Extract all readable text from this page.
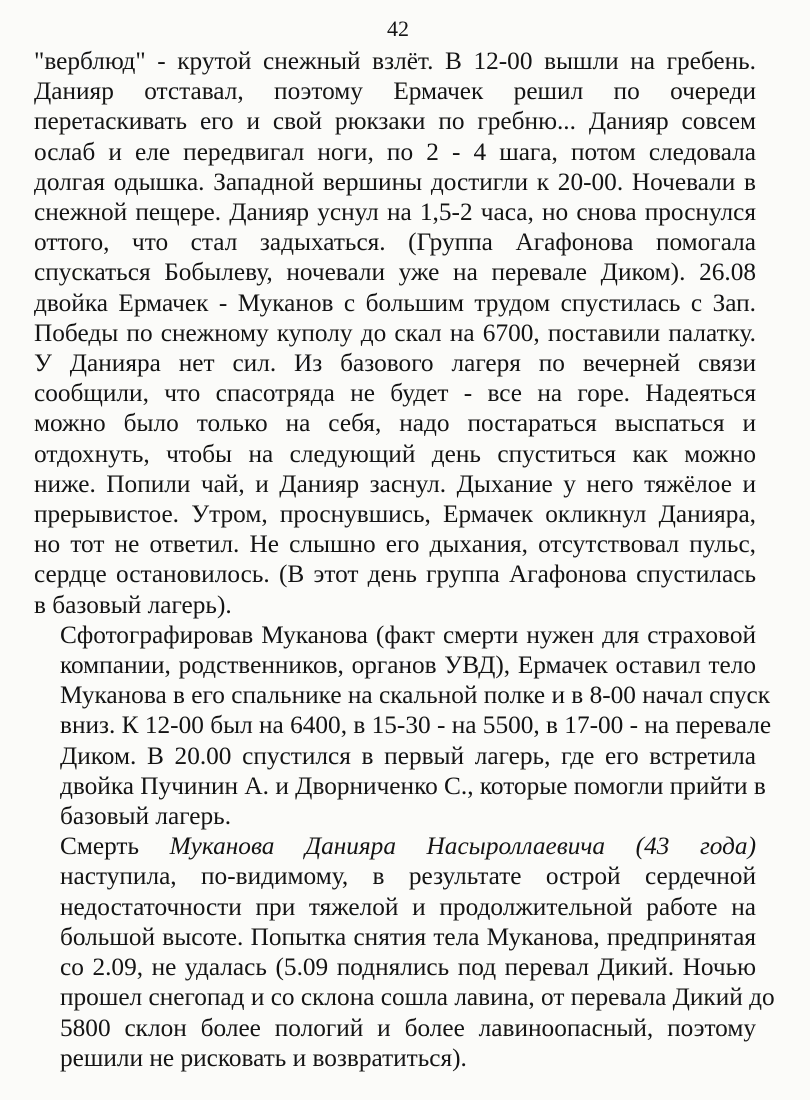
42
"верблюд" - крутой снежный взлёт. В 12-00 вышли на гребень.
Данияр отставал, поэтому Ермачек решил по очереди
перетаскивать его и свой рюкзаки по гребню... Данияр совсем
ослаб и еле передвигал ноги, по 2 - 4 шага, потом следовала
долгая одышка. Западной вершины достигли к 20-00. Ночевали в
снежной пещере. Данияр уснул на 1,5-2 часа, но снова проснулся
оттого, что стал задыхаться. (Группа Агафонова помогала
спускаться Бобылеву, ночевали уже на перевале Диком). 26.08
двойка Ермачек - Муканов с большим трудом спустилась с Зап.
Победы по снежному куполу до скал на 6700, поставили палатку.
У Данияра нет сил. Из базового лагеря по вечерней связи
сообщили, что спасотряда не будет - все на горе. Надеяться
можно было только на себя, надо постараться выспаться и
отдохнуть, чтобы на следующий день спуститься как можно
ниже. Попили чай, и Данияр заснул. Дыхание у него тяжёлое и
прерывистое. Утром, проснувшись, Ермачек окликнул Данияра,
но тот не ответил. Не слышно его дыхания, отсутствовал пульс,
сердце остановилось. (В этот день группа Агафонова спустилась
в базовый лагерь).
Сфотографировав Муканова (факт смерти нужен для страховой
компании, родственников, органов УВД), Ермачек оставил тело
Муканова в его спальнике на скальной полке и в 8-00 начал спуск
вниз. К 12-00 был на 6400, в 15-30 - на 5500, в 17-00 - на перевале
Диком. В 20.00 спустился в первый лагерь, где его встретила
двойка Пучинин А. и Дворниченко С., которые помогли прийти в
базовый лагерь.
Смерть Муканова Данияра Насыроллаевича (43 года)
наступила, по-видимому, в результате острой сердечной
недостаточности при тяжелой и продолжительной работе на
большой высоте. Попытка снятия тела Муканова, предпринятая
со 2.09, не удалась (5.09 поднялись под перевал Дикий. Ночью
прошел снегопад и со склона сошла лавина, от перевала Дикий до
5800 склон более пологий и более лавиноопасный, поэтому
решили не рисковать и возвратиться).
